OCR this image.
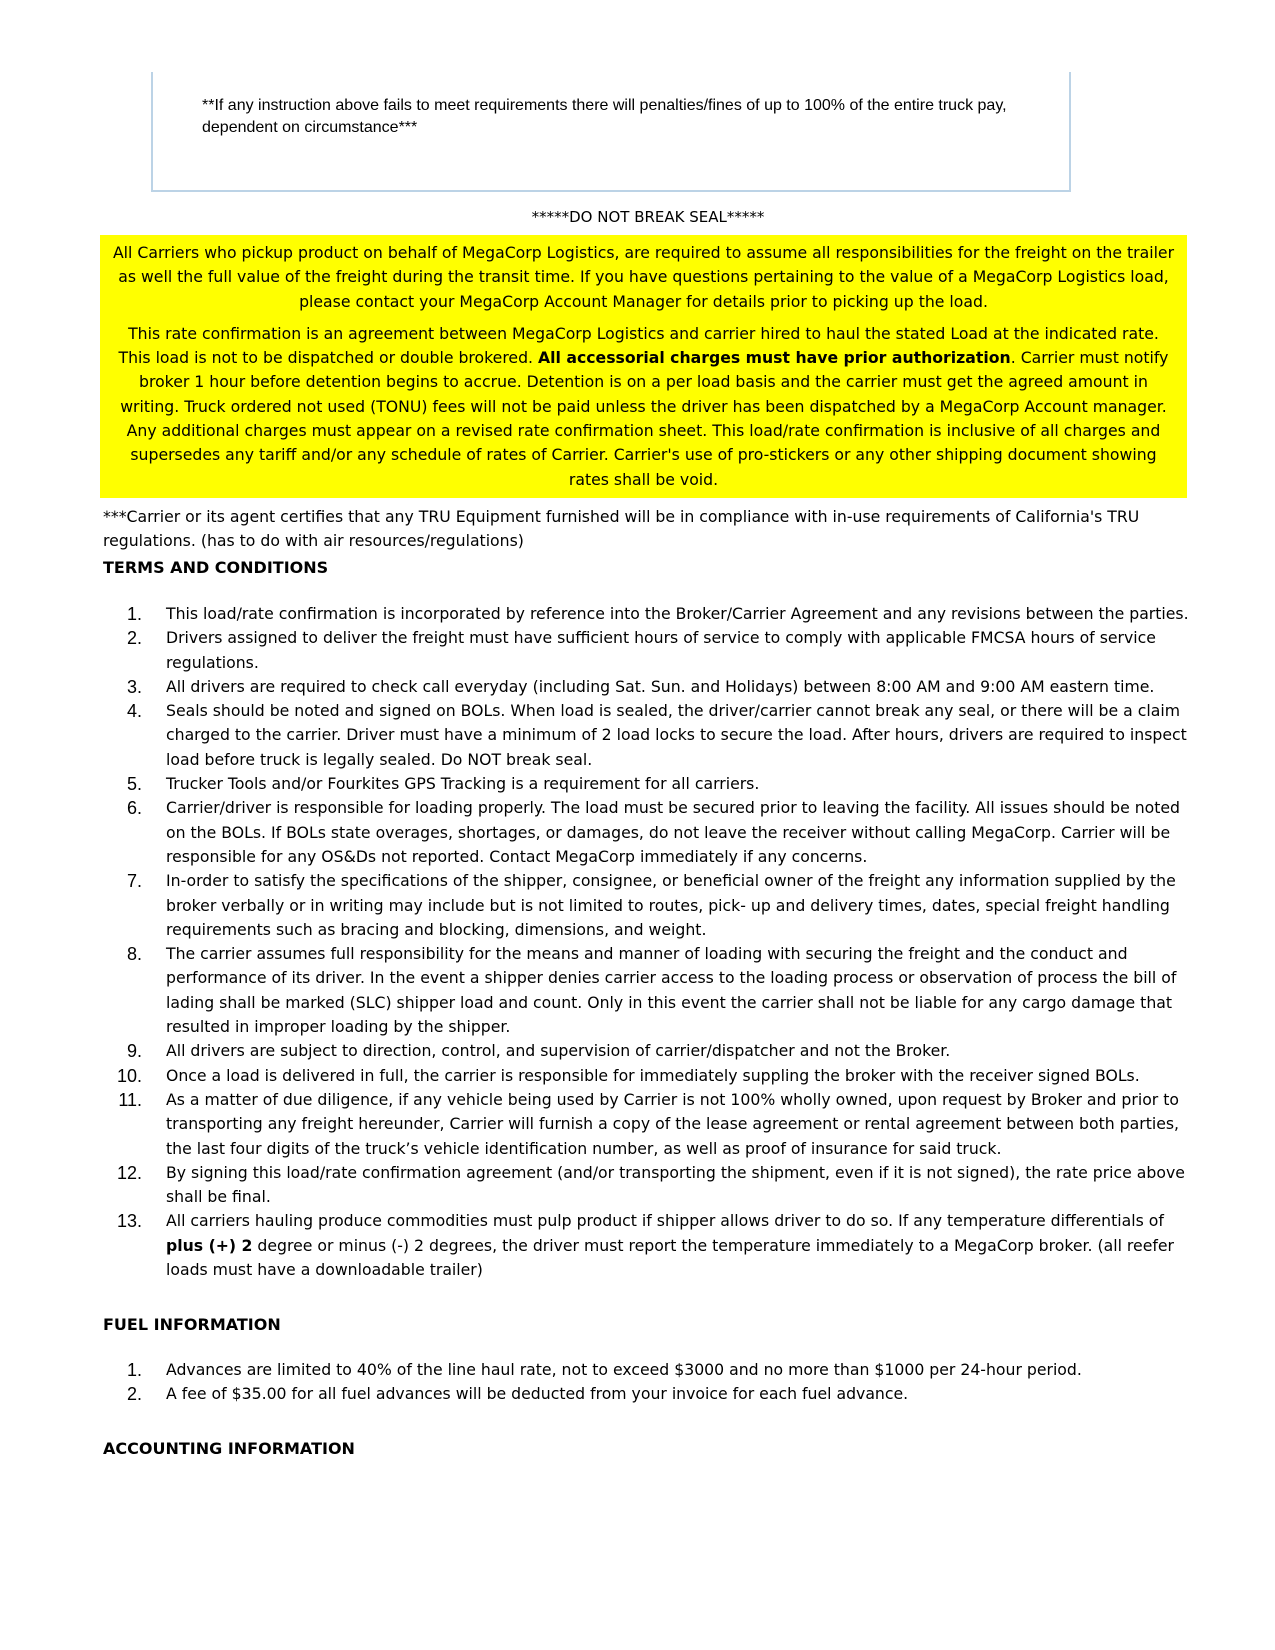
**If any instruction above fails to meet requirements there will penalties/fines of up to 100% of the entire truck pay, dependent on circumstance***
*****DO NOT BREAK SEAL*****

All Carriers who pickup product on behalf of MegaCorp Logistics, are required to assume all responsibilities for the freight on the trailer as well the full value of the freight during the transit time. If you have questions pertaining to the value of a MegaCorp Logistics load, please contact your MegaCorp Account Manager for details prior to picking up the load.

This rate confirmation is an agreement between MegaCorp Logistics and carrier hired to haul the stated Load at the indicated rate. This load is not to be dispatched or double brokered. All accessorial charges must have prior authorization. Carrier must notify broker 1 hour before detention begins to accrue. Detention is on a per load basis and the carrier must get the agreed amount in writing. Truck ordered not used (TONU) fees will not be paid unless the driver has been dispatched by a MegaCorp Account manager. Any additional charges must appear on a revised rate confirmation sheet. This load/rate confirmation is inclusive of all charges and supersedes any tariff and/or any schedule of rates of Carrier. Carrier's use of pro-stickers or any other shipping document showing rates shall be void.

***Carrier or its agent certifies that any TRU Equipment furnished will be in compliance with in-use requirements of California's TRU regulations. (has to do with air resources/regulations)
TERMS AND CONDITIONS
1. This load/rate confirmation is incorporated by reference into the Broker/Carrier Agreement and any revisions between the parties.
2. Drivers assigned to deliver the freight must have sufficient hours of service to comply with applicable FMCSA hours of service regulations.
3. All drivers are required to check call everyday (including Sat. Sun. and Holidays) between 8:00 AM and 9:00 AM eastern time.
4. Seals should be noted and signed on BOLs. When load is sealed, the driver/carrier cannot break any seal, or there will be a claim charged to the carrier. Driver must have a minimum of 2 load locks to secure the load. After hours, drivers are required to inspect load before truck is legally sealed. Do NOT break seal.
5. Trucker Tools and/or Fourkites GPS Tracking is a requirement for all carriers.
6. Carrier/driver is responsible for loading properly. The load must be secured prior to leaving the facility. All issues should be noted on the BOLs. If BOLs state overages, shortages, or damages, do not leave the receiver without calling MegaCorp. Carrier will be responsible for any OS&Ds not reported. Contact MegaCorp immediately if any concerns.
7. In-order to satisfy the specifications of the shipper, consignee, or beneficial owner of the freight any information supplied by the broker verbally or in writing may include but is not limited to routes, pick- up and delivery times, dates, special freight handling requirements such as bracing and blocking, dimensions, and weight.
8. The carrier assumes full responsibility for the means and manner of loading with securing the freight and the conduct and performance of its driver. In the event a shipper denies carrier access to the loading process or observation of process the bill of lading shall be marked (SLC) shipper load and count. Only in this event the carrier shall not be liable for any cargo damage that resulted in improper loading by the shipper.
9. All drivers are subject to direction, control, and supervision of carrier/dispatcher and not the Broker.
10. Once a load is delivered in full, the carrier is responsible for immediately suppling the broker with the receiver signed BOLs.
11. As a matter of due diligence, if any vehicle being used by Carrier is not 100% wholly owned, upon request by Broker and prior to transporting any freight hereunder, Carrier will furnish a copy of the lease agreement or rental agreement between both parties, the last four digits of the truck’s vehicle identification number, as well as proof of insurance for said truck.
12. By signing this load/rate confirmation agreement (and/or transporting the shipment, even if it is not signed), the rate price above shall be final.
13. All carriers hauling produce commodities must pulp product if shipper allows driver to do so. If any temperature differentials of plus (+) 2 degree or minus (-) 2 degrees, the driver must report the temperature immediately to a MegaCorp broker. (all reefer loads must have a downloadable trailer)
FUEL INFORMATION
1. Advances are limited to 40% of the line haul rate, not to exceed $3000 and no more than $1000 per 24-hour period.
2. A fee of $35.00 for all fuel advances will be deducted from your invoice for each fuel advance.
ACCOUNTING INFORMATION
